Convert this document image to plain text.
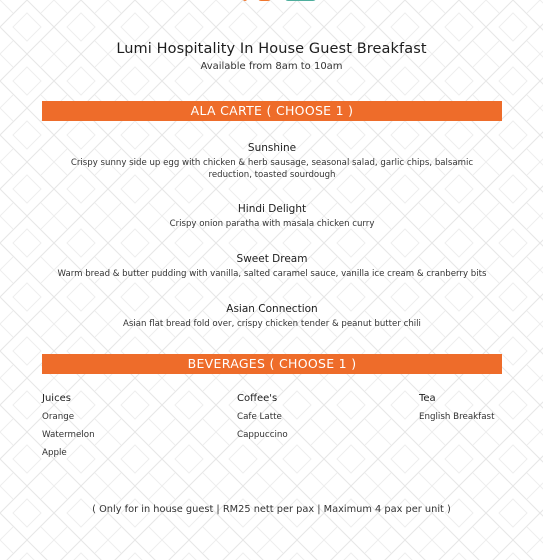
Lumi Hospitality In House Guest Breakfast
Available from 8am to 10am
ALA CARTE ( CHOOSE 1 )
Sunshine
Crispy sunny side up egg with chicken & herb sausage, seasonal salad, garlic chips, balsamic reduction, toasted sourdough
Hindi Delight
Crispy onion paratha with masala chicken curry
Sweet Dream
Warm bread & butter pudding with vanilla, salted caramel sauce, vanilla ice cream & cranberry bits
Asian Connection
Asian flat bread fold over, crispy chicken tender & peanut butter chili
BEVERAGES ( CHOOSE 1 )
Juices
Orange
Watermelon
Apple
Coffee's
Cafe Latte
Cappuccino
Tea
English Breakfast
( Only for in house guest | RM25 nett per pax | Maximum 4 pax per unit )
